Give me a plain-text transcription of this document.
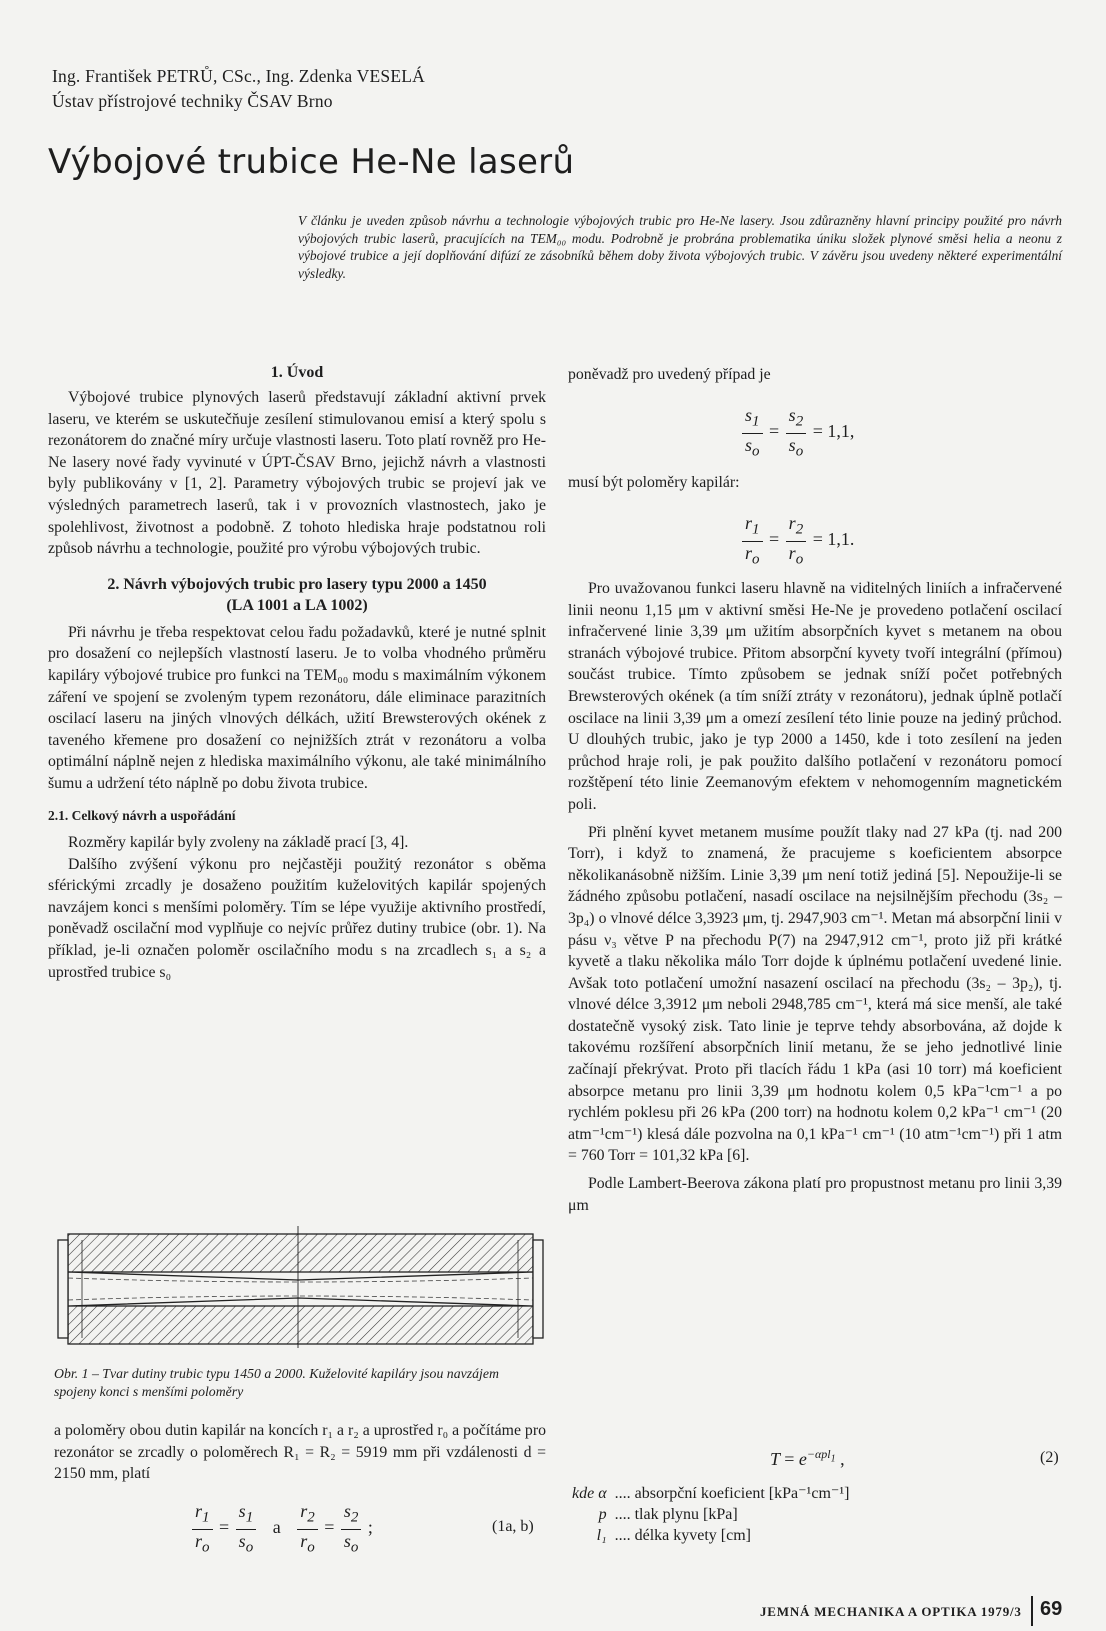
Ing. František PETRŮ, CSc., Ing. Zdenka VESELÁ
Ústav přístrojové techniky ČSAV Brno
Výbojové trubice He-Ne laserů
V článku je uveden způsob návrhu a technologie výbojových trubic pro He-Ne lasery. Jsou zdůrazněny hlavní principy použité pro návrh výbojových trubic laserů, pracujících na TEM₀₀ modu. Podrobně je probrána problematika úniku složek plynové směsi helia a neonu z výbojové trubice a její doplňování difúzí ze zásobníků během doby života výbojových trubic. V závěru jsou uvedeny některé experimentální výsledky.
1. Úvod

Výbojové trubice plynových laserů představují základní aktivní prvek laseru, ve kterém se uskutečňuje zesílení stimulovanou emisí a který spolu s rezonátorem do značné míry určuje vlastnosti laseru. Toto platí rovněž pro He-Ne lasery nové řady vyvinuté v ÚPT-ČSAV Brno, jejichž návrh a vlastnosti byly publikovány v [1, 2]. Parametry výbojových trubic se projeví jak ve výsledných parametrech laserů, tak i v provozních vlastnostech, jako je spolehlivost, životnost a podobně. Z tohoto hlediska hraje podstatnou roli způsob návrhu a technologie, použité pro výrobu výbojových trubic.

2. Návrh výbojových trubic pro lasery typu 2000 a 1450
(LA 1001 a LA 1002)

Při návrhu je třeba respektovat celou řadu požadavků, které je nutné splnit pro dosažení co nejlepších vlastností laseru. Je to volba vhodného průměru kapiláry výbojové trubice pro funkci na TEM₀₀ modu s maximálním výkonem záření ve spojení se zvoleným typem rezonátoru, dále eliminace parazitních oscilací laseru na jiných vlnových délkách, užití Brewsterových okének z taveného křemene pro dosažení co nejnižších ztrát v rezonátoru a volba optimální náplně nejen z hlediska maximálního výkonu, ale také minimálního šumu a udržení této náplně po dobu života trubice.

2.1. Celkový návrh a uspořádání

Rozměry kapilár byly zvoleny na základě prací [3, 4].

Dalšího zvýšení výkonu pro nejčastěji použitý rezonátor s oběma sférickými zrcadly je dosaženo použitím kuželovitých kapilár spojených navzájem konci s menšími poloměry. Tím se lépe využije aktivního prostředí, poněvadž oscilační mod vyplňuje co nejvíc průřez dutiny trubice (obr. 1). Na příklad, je-li označen poloměr oscilačního modu s na zrcadlech s₁ a s₂ a uprostřed trubice s₀

Obr. 1 – Tvar dutiny trubic typu 1450 a 2000. Kuželovité kapiláry jsou navzájem spojeny konci s menšími poloměry

a poloměry obou dutin kapilár na koncích r₁ a r₂ a uprostřed r₀ a počítáme pro rezonátor se zrcadly o poloměrech R₁ = R₂ = 5919 mm při vzdálenosti d = 2150 mm, platí

$\frac{r_1}{r_o} = \frac{s_1}{s_o}$ a $\frac{r_2}{r_o} = \frac{s_2}{s_o}$ ;	(1a, b)

poněvadž pro uvedený případ je

$\frac{s_1}{s_o} = \frac{s_2}{s_o} = 1,1$,

musí být poloměry kapilár:

$\frac{r_1}{r_o} = \frac{r_2}{r_o} = 1,1$.

Pro uvažovanou funkci laseru hlavně na viditelných liniích a infračervené linii neonu 1,15 μm v aktivní směsi He-Ne je provedeno potlačení oscilací infračervené linie 3,39 μm užitím absorpčních kyvet s metanem na obou stranách výbojové trubice. Přitom absorpční kyvety tvoří integrální (přímou) součást trubice. Tímto způsobem se jednak sníží počet potřebných Brewsterových okének (a tím sníží ztráty v rezonátoru), jednak úplně potlačí oscilace na linii 3,39 μm a omezí zesílení této linie pouze na jediný průchod. U dlouhých trubic, jako je typ 2000 a 1450, kde i toto zesílení na jeden průchod hraje roli, je pak použito dalšího potlačení v rezonátoru pomocí rozštěpení této linie Zeemanovým efektem v nehomogenním magnetickém poli.

Při plnění kyvet metanem musíme použít tlaky nad 27 kPa (tj. nad 200 Torr), i když to znamená, že pracujeme s koeficientem absorpce několikanásobně nižším. Linie 3,39 μm není totiž jediná [5]. Nepoužije-li se žádného způsobu potlačení, nasadí oscilace na nejsilnějším přechodu (3s₂ – 3p₄) o vlnové délce 3,3923 μm, tj. 2947,903 cm⁻¹. Metan má absorpční linii v pásu ν₃ větve P na přechodu P(7) na 2947,912 cm⁻¹, proto již při krátké kyvetě a tlaku několika málo Torr dojde k úplnému potlačení uvedené linie. Avšak toto potlačení umožní nasazení oscilací na přechodu (3s₂ – 3p₂), tj. vlnové délce 3,3912 μm neboli 2948,785 cm⁻¹, která má sice menší, ale také dostatečně vysoký zisk. Tato linie je teprve tehdy absorbována, až dojde k takovému rozšíření absorpčních linií metanu, že se jeho jednotlivé linie začínají překrývat. Proto při tlacích řádu 1 kPa (asi 10 torr) má koeficient absorpce metanu pro linii 3,39 μm hodnotu kolem 0,5 kPa⁻¹cm⁻¹ a po rychlém poklesu při 26 kPa (200 torr) na hodnotu kolem 0,2 kPa⁻¹ cm⁻¹ (20 atm⁻¹cm⁻¹) klesá dále pozvolna na 0,1 kPa⁻¹ cm⁻¹ (10 atm⁻¹cm⁻¹) při 1 atm = 760 Torr = 101,32 kPa [6].

Podle Lambert-Beerova zákona platí pro propustnost metanu pro linii 3,39 μm

$T = e^{-\alpha pl_1}$ ,	(2)
kde α	.... absorpční koeficient [kPa⁻¹cm⁻¹]
p	.... tlak plynu [kPa]
l₁	.... délka kyvety [cm]
JEMNÁ MECHANIKA A OPTIKA 1979/3 69
